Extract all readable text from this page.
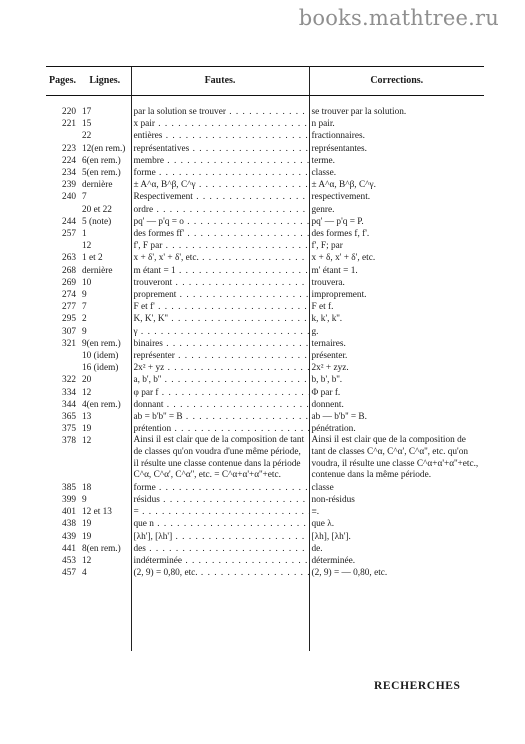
books.mathtree.ru
Pages.	Lignes.	Fautes.	Corrections.
220	17	par la solution se trouver . . .	se trouver par la solution.
221	15	x pair . . .	n pair.
	22	entières . . .	fractionnaires.
223	12(en rem.)	représentatives . . .	représentantes.
224	6(en rem.)	membre . . .	terme.
234	5(en rem.)	forme . . .	classe.
239	dernière	± A^α, B^β, C^γ . . .	± A^α, B^β, C^γ.
240	7	Respectivement . . .	respectivement.
	20 et 22	ordre . . .	genre.
244	5 (note)	pq' — p'q = o . . .	pq' — p'q = P.
257	1	des formes ff' . . .	des formes f, f'.
	12	f', F par . . .	f', F; par
263	1 et 2	x + δ', x' + δ', etc. . . .	x + δ, x' + δ', etc.
268	dernière	m étant = 1 . . .	m' étant = 1.
269	10	trouveront . . .	trouvera.
274	9	proprement . . .	improprement.
277	7	F et f' . . .	F et f.
295	2	K, K', K'' . . .	k, k', k''.
307	9	γ . . .	g.
321	9(en rem.)	binaires . . .	ternaires.
	10 (idem)	représenter . . .	présenter.
	16 (idem)	2x² + yz . . .	2x² + zyz.
322	20	a, b', b'' . . .	b, b', b''.
334	12	φ par f . . .	Φ par f.
344	4(en rem.)	donnant . . .	donnent.
365	13	ab = b'b'' = B . . .	ab — b'b'' = B.
375	19	prétention . . .	pénétration.
378	12	Ainsi il est clair que de la composition de tant de classes qu'on voudra d'une même période, il résulte une classe contenue dans la période C^α, C^α', C^α'', etc. = C^α+α'+α''+etc.	Ainsi il est clair que de la composition de tant de classes C^α, C^α', C^α'', etc. qu'on voudra, il résulte une classe C^α+α'+α''+etc., contenue dans la même période.
385	18	forme . . .	classe
399	9	résidus . . .	non-résidus
401	12 et 13	= . . .	≡.
438	19	que n . . .	que λ.
439	19	[λh'], [λh'] . . .	[λh], [λh'].
441	8(en rem.)	des . . .	de.
453	12	indéterminée . . .	déterminée.
457	4	(2, 9) = 0,80, etc. . . .	(2, 9) = — 0,80, etc.
RECHERCHES
